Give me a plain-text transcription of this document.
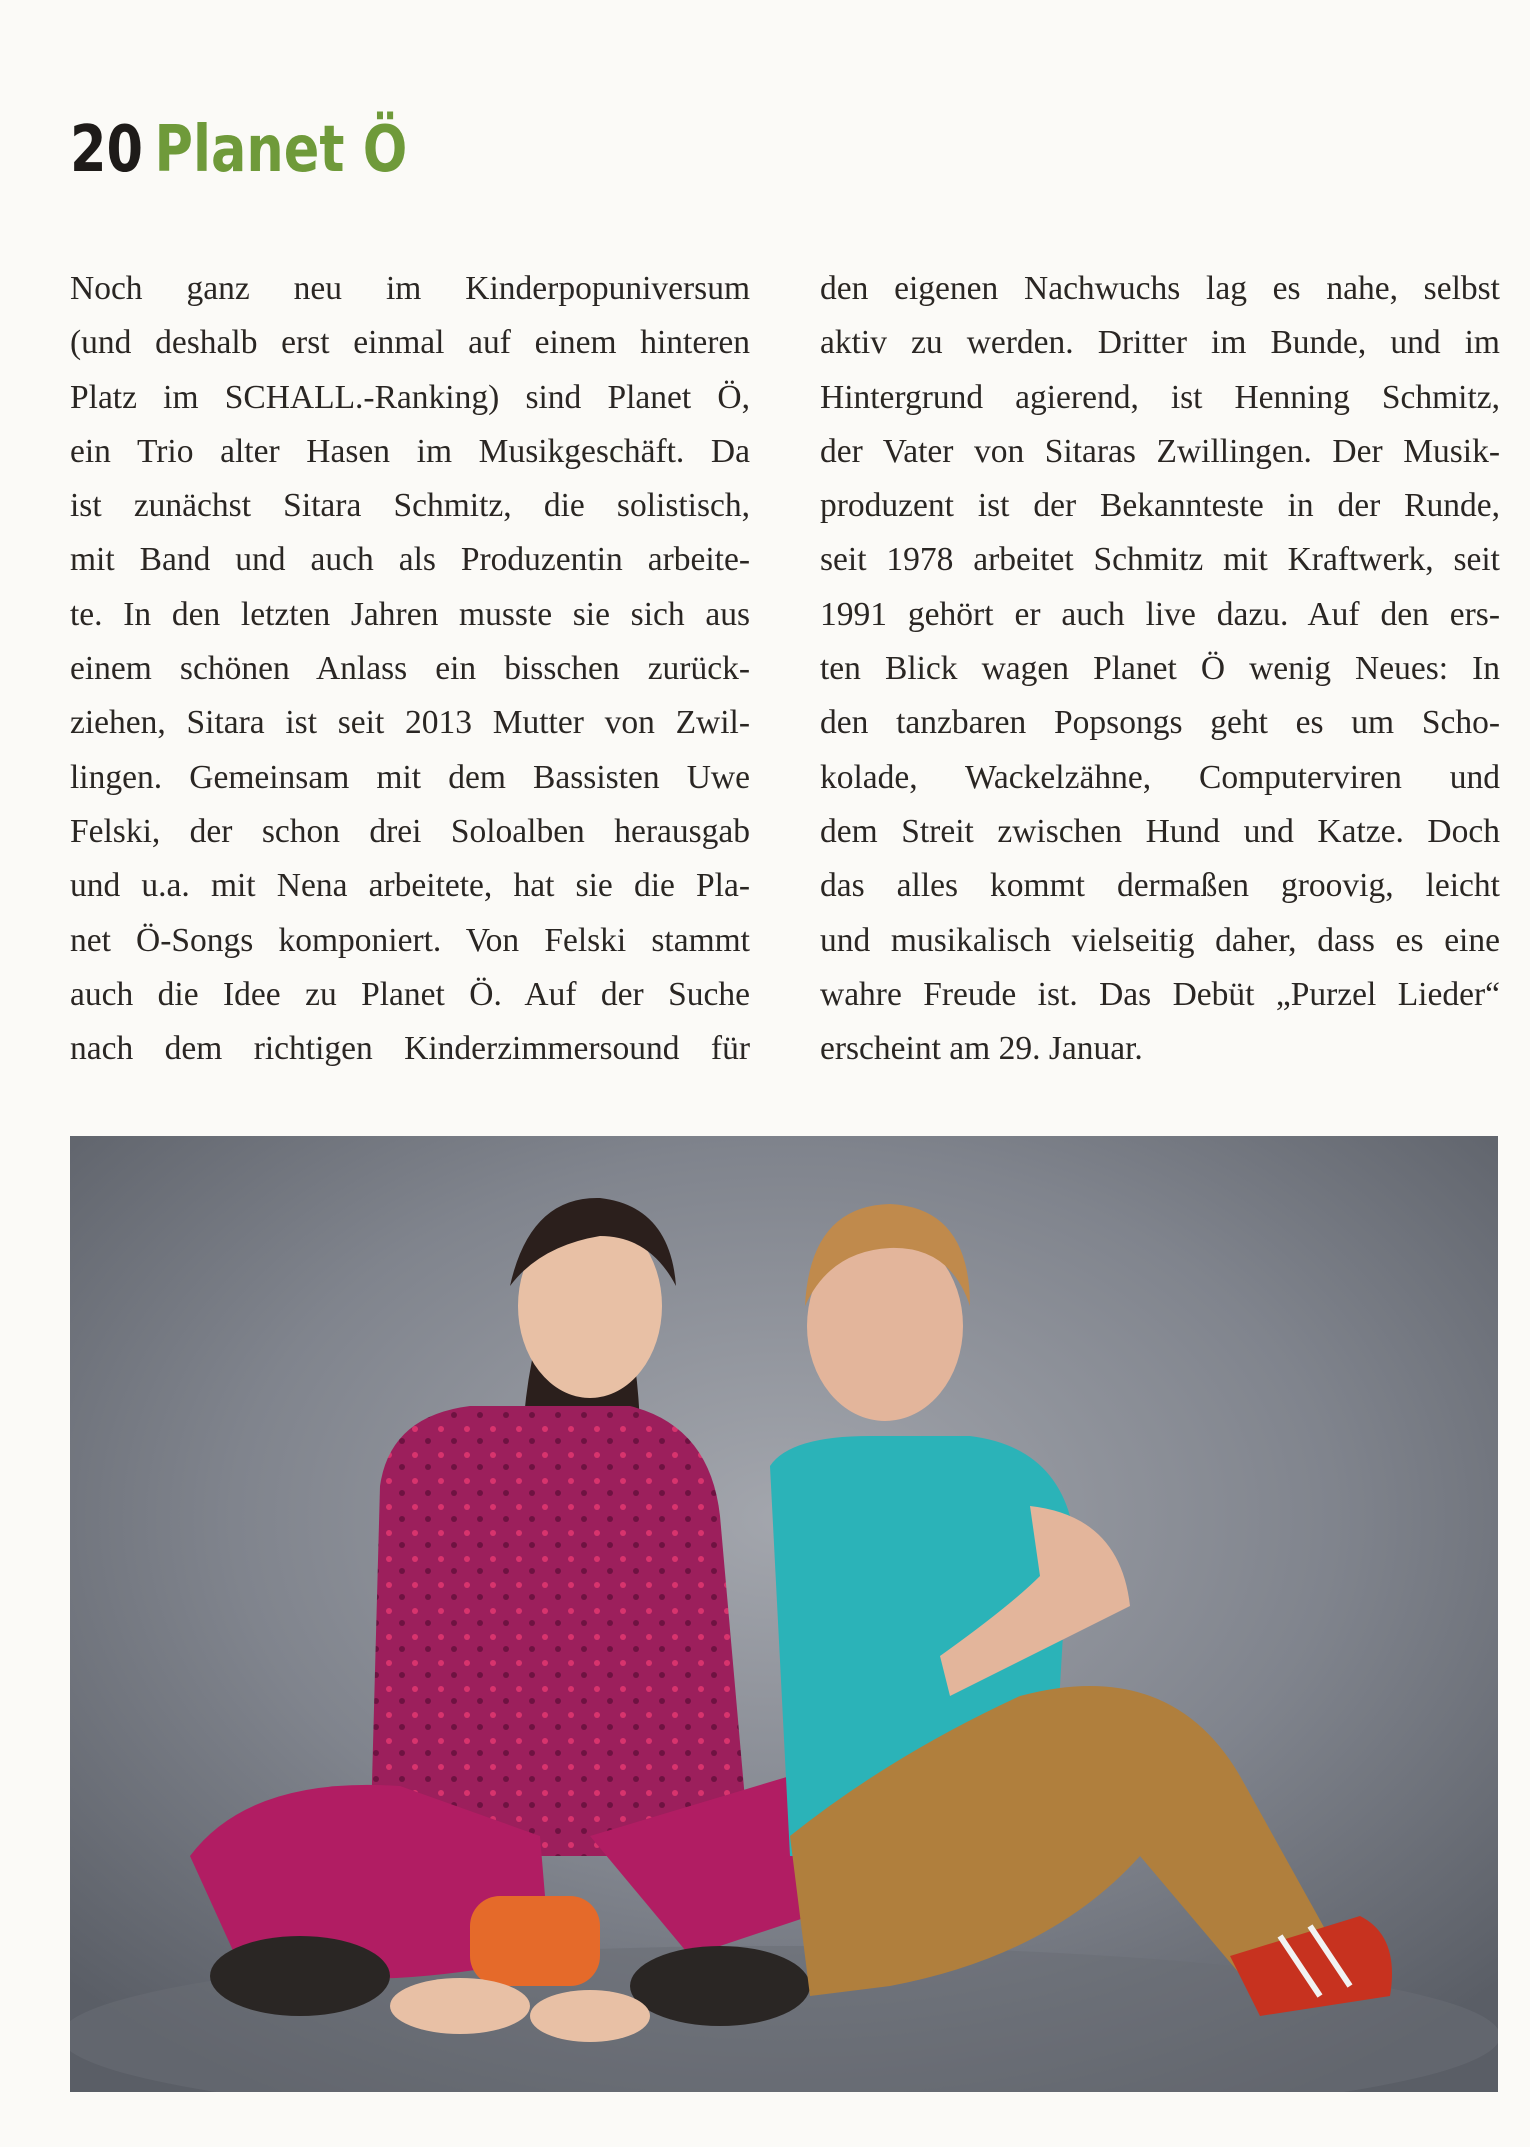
20 Planet Ö
Noch ganz neu im Kinderpopuniversum
(und deshalb erst einmal auf einem hinteren
Platz im SCHALL.-Ranking) sind Planet Ö,
ein Trio alter Hasen im Musikgeschäft. Da
ist zunächst Sitara Schmitz, die solistisch,
mit Band und auch als Produzentin arbeite-
te. In den letzten Jahren musste sie sich aus
einem schönen Anlass ein bisschen zurück-
ziehen, Sitara ist seit 2013 Mutter von Zwil-
lingen. Gemeinsam mit dem Bassisten Uwe
Felski, der schon drei Soloalben herausgab
und u.a. mit Nena arbeitete, hat sie die Pla-
net Ö-Songs komponiert. Von Felski stammt
auch die Idee zu Planet Ö. Auf der Suche
nach dem richtigen Kinderzimmersound für
den eigenen Nachwuchs lag es nahe, selbst
aktiv zu werden. Dritter im Bunde, und im
Hintergrund agierend, ist Henning Schmitz,
der Vater von Sitaras Zwillingen. Der Musik-
produzent ist der Bekannteste in der Runde,
seit 1978 arbeitet Schmitz mit Kraftwerk, seit
1991 gehört er auch live dazu. Auf den ers-
ten Blick wagen Planet Ö wenig Neues: In
den tanzbaren Popsongs geht es um Scho-
kolade, Wackelzähne, Computerviren und
dem Streit zwischen Hund und Katze. Doch
das alles kommt dermaßen groovig, leicht
und musikalisch vielseitig daher, dass es eine
wahre Freude ist. Das Debüt „Purzel Lieder“
erscheint am 29. Januar.
